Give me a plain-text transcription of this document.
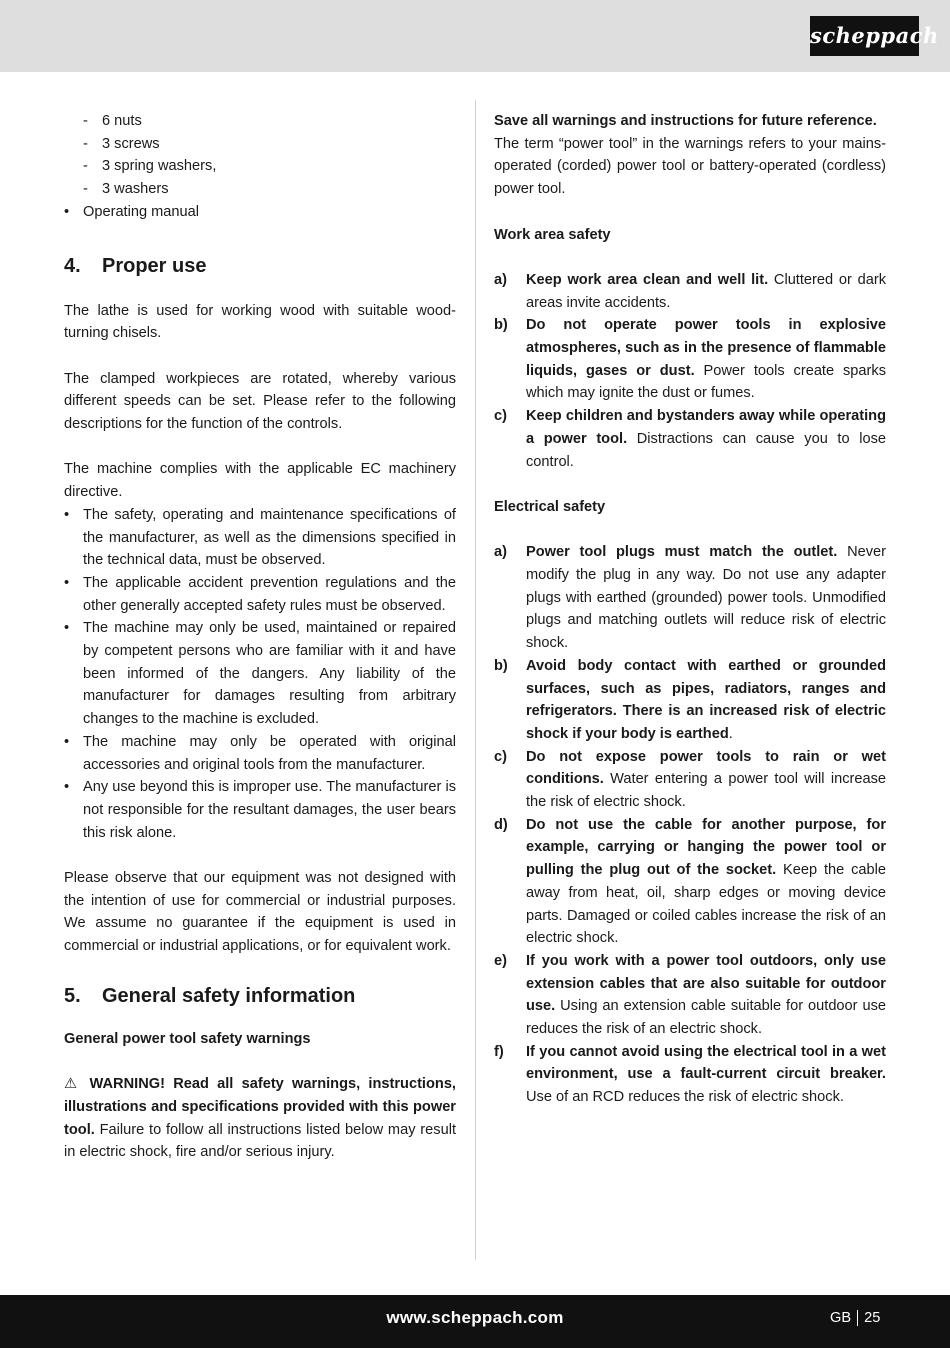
scheppach
- 6 nuts
- 3 screws
- 3 spring washers,
- 3 washers
• Operating manual
4. Proper use

The lathe is used for working wood with suitable wood-turning chisels.

The clamped workpieces are rotated, whereby various different speeds can be set. Please refer to the following descriptions for the function of the controls.

The machine complies with the applicable EC machinery directive.

• The safety, operating and maintenance specifications of the manufacturer, as well as the dimensions specified in the technical data, must be observed.
• The applicable accident prevention regulations and the other generally accepted safety rules must be observed.
• The machine may only be used, maintained or repaired by competent persons who are familiar with it and have been informed of the dangers. Any liability of the manufacturer for damages resulting from arbitrary changes to the machine is excluded.
• The machine may only be operated with original accessories and original tools from the manufacturer.
• Any use beyond this is improper use. The manufacturer is not responsible for the resultant damages, the user bears this risk alone.

Please observe that our equipment was not designed with the intention of use for commercial or industrial purposes. We assume no guarantee if the equipment is used in commercial or industrial applications, or for equivalent work.

5. General safety information

General power tool safety warnings

⚠ WARNING! Read all safety warnings, instructions, illustrations and specifications provided with this power tool. Failure to follow all instructions listed below may result in electric shock, fire and/or serious injury.

Save all warnings and instructions for future reference.

The term “power tool” in the warnings refers to your mains-operated (corded) power tool or battery-operated (cordless) power tool.

Work area safety

a) Keep work area clean and well lit. Cluttered or dark areas invite accidents.
b) Do not operate power tools in explosive atmospheres, such as in the presence of flammable liquids, gases or dust. Power tools create sparks which may ignite the dust or fumes.
c) Keep children and bystanders away while operating a power tool. Distractions can cause you to lose control.

Electrical safety

a) Power tool plugs must match the outlet. Never modify the plug in any way. Do not use any adapter plugs with earthed (grounded) power tools. Unmodified plugs and matching outlets will reduce risk of electric shock.
b) Avoid body contact with earthed or grounded surfaces, such as pipes, radiators, ranges and refrigerators. There is an increased risk of electric shock if your body is earthed.
c) Do not expose power tools to rain or wet conditions. Water entering a power tool will increase the risk of electric shock.
d) Do not use the cable for another purpose, for example, carrying or hanging the power tool or pulling the plug out of the socket. Keep the cable away from heat, oil, sharp edges or moving device parts. Damaged or coiled cables increase the risk of an electric shock.
e) If you work with a power tool outdoors, only use extension cables that are also suitable for outdoor use. Using an extension cable suitable for outdoor use reduces the risk of an electric shock.
f) If you cannot avoid using the electrical tool in a wet environment, use a fault-current circuit breaker. Use of an RCD reduces the risk of electric shock.
www.scheppach.com	GB 25
